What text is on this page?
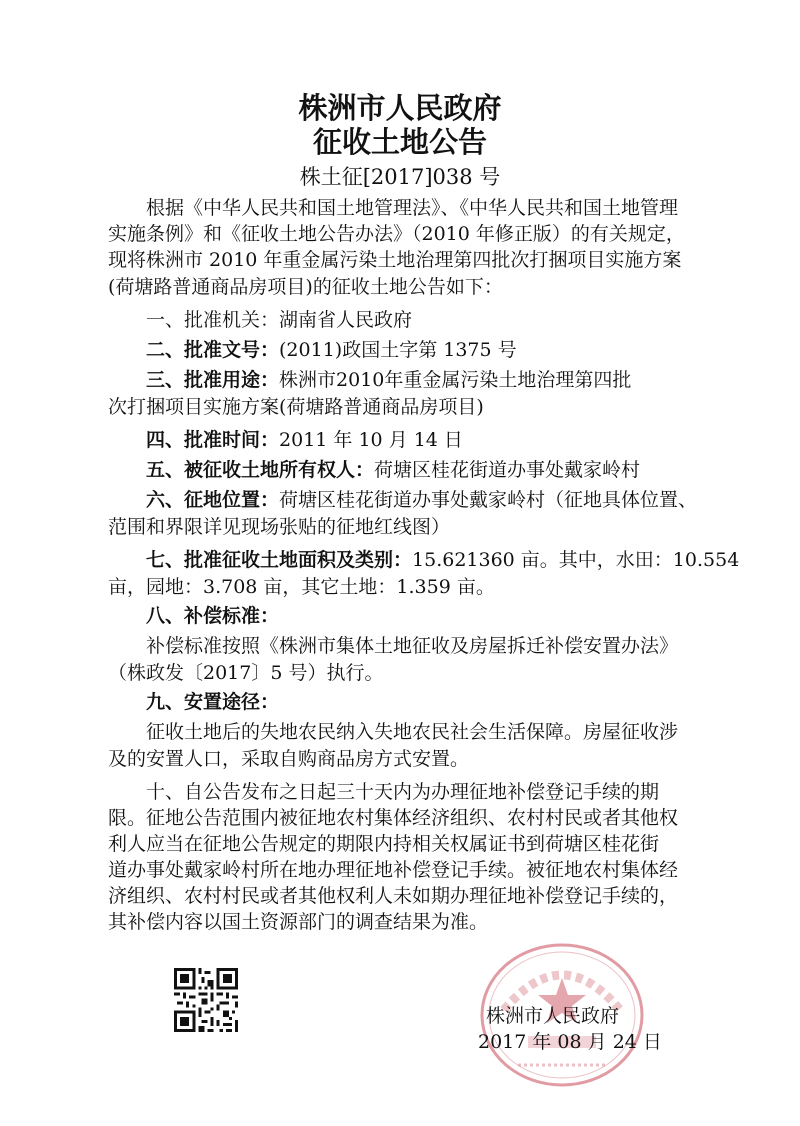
株洲市人民政府
征收土地公告
株土征[2017]038 号
根据《中华人民共和国土地管理法》、《中华人民共和国土地管理
实施条例》和《征收土地公告办法》（2010 年修正版）的有关规定，
现将株洲市 2010 年重金属污染土地治理第四批次打捆项目实施方案
(荷塘路普通商品房项目)的征收土地公告如下：
一、批准机关：湖南省人民政府
二、批准文号：(2011)政国土字第 1375 号
三、批准用途：株洲市2010年重金属污染土地治理第四批
次打捆项目实施方案(荷塘路普通商品房项目)
四、批准时间：2011 年 10 月 14 日
五、被征收土地所有权人：荷塘区桂花街道办事处戴家岭村
六、征地位置：荷塘区桂花街道办事处戴家岭村（征地具体位置、
范围和界限详见现场张贴的征地红线图）
七、批准征收土地面积及类别：15.621360 亩。其中，水田：10.554
亩，园地：3.708 亩，其它土地：1.359 亩。
八、补偿标准：
补偿标准按照《株洲市集体土地征收及房屋拆迁补偿安置办法》
（株政发〔2017〕5 号）执行。
九、安置途径：
征收土地后的失地农民纳入失地农民社会生活保障。房屋征收涉
及的安置人口，采取自购商品房方式安置。
十、自公告发布之日起三十天内为办理征地补偿登记手续的期
限。征地公告范围内被征地农村集体经济组织、农村村民或者其他权
利人应当在征地公告规定的期限内持相关权属证书到荷塘区桂花街
道办事处戴家岭村所在地办理征地补偿登记手续。被征地农村集体经
济组织、农村村民或者其他权利人未如期办理征地补偿登记手续的，
其补偿内容以国土资源部门的调查结果为准。
株洲市人民政府
2017 年 08 月 24 日
